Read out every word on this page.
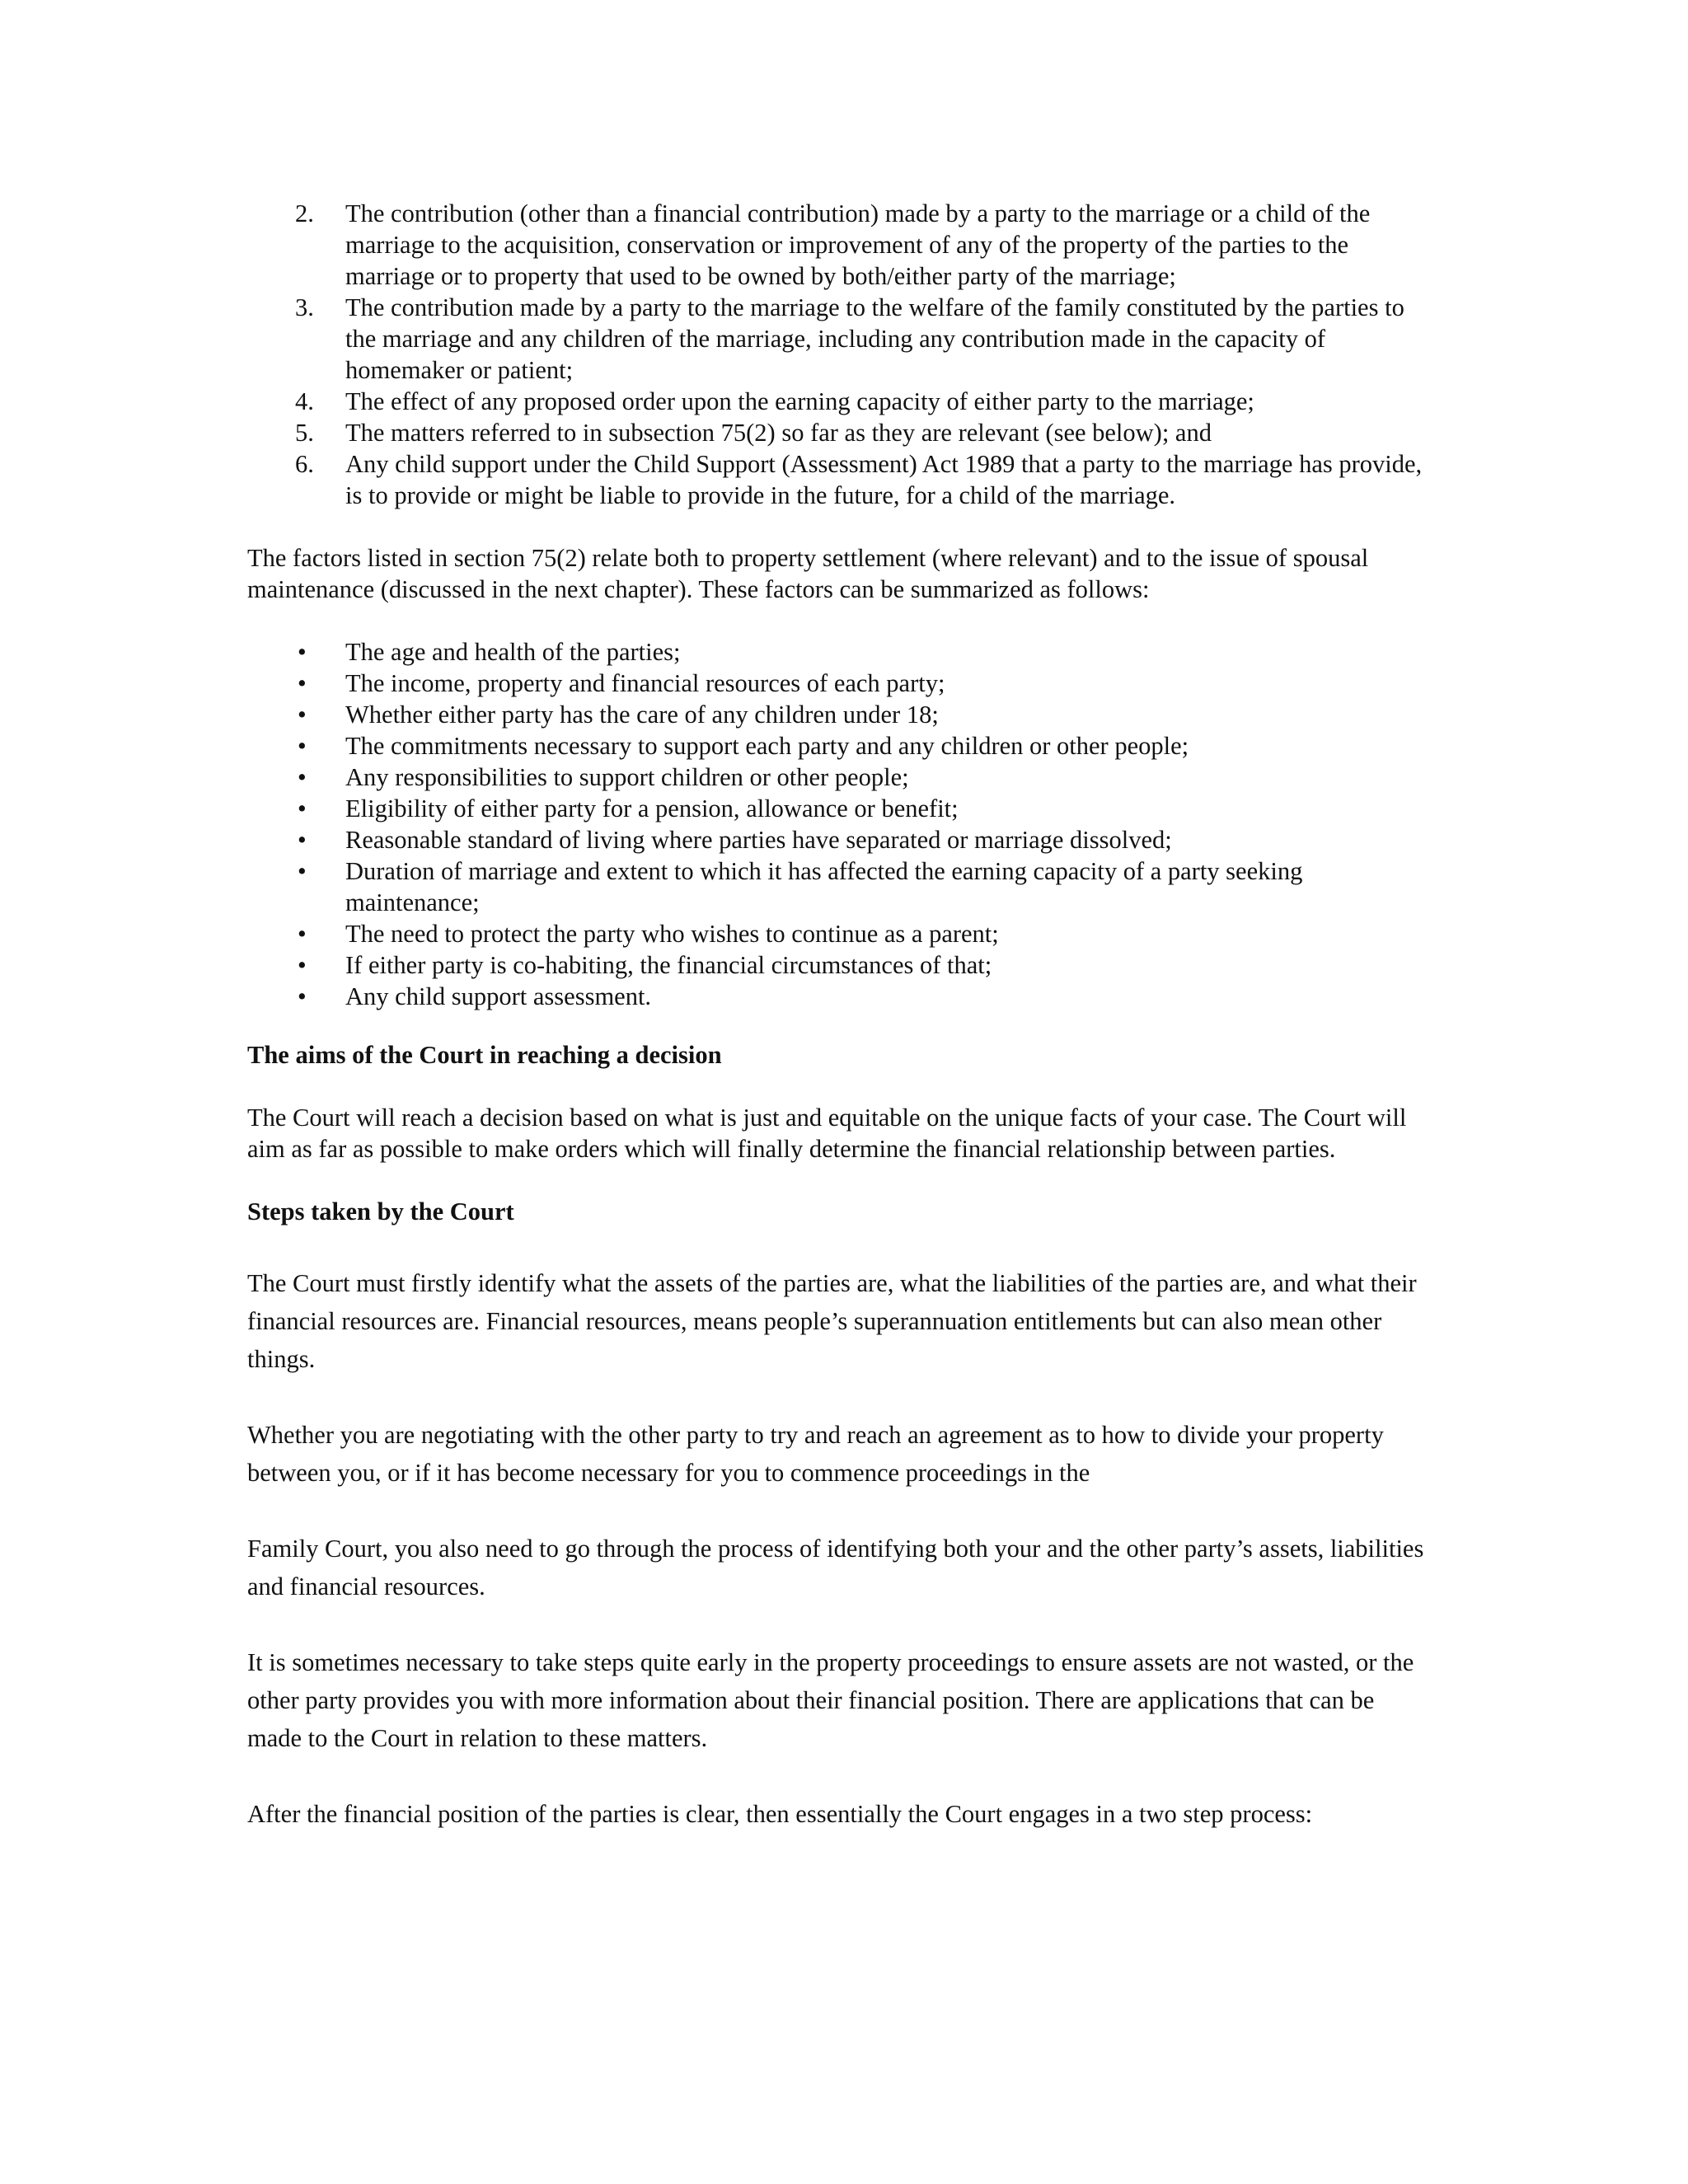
2. The contribution (other than a financial contribution) made by a party to the marriage or a child of the marriage to the acquisition, conservation or improvement of any of the property of the parties to the marriage or to property that used to be owned by both/either party of the marriage;
3. The contribution made by a party to the marriage to the welfare of the family constituted by the parties to the marriage and any children of the marriage, including any contribution made in the capacity of homemaker or patient;
4. The effect of any proposed order upon the earning capacity of either party to the marriage;
5. The matters referred to in subsection 75(2) so far as they are relevant (see below); and
6. Any child support under the Child Support (Assessment) Act 1989 that a party to the marriage has provide, is to provide or might be liable to provide in the future, for a child of the marriage.

The factors listed in section 75(2) relate both to property settlement (where relevant) and to the issue of spousal maintenance (discussed in the next chapter). These factors can be summarized as follows:

• The age and health of the parties;
• The income, property and financial resources of each party;
• Whether either party has the care of any children under 18;
• The commitments necessary to support each party and any children or other people;
• Any responsibilities to support children or other people;
• Eligibility of either party for a pension, allowance or benefit;
• Reasonable standard of living where parties have separated or marriage dissolved;
• Duration of marriage and extent to which it has affected the earning capacity of a party seeking maintenance;
• The need to protect the party who wishes to continue as a parent;
• If either party is co-habiting, the financial circumstances of that;
• Any child support assessment.
The aims of the Court in reaching a decision

The Court will reach a decision based on what is just and equitable on the unique facts of your case. The Court will aim as far as possible to make orders which will finally determine the financial relationship between parties.

Steps taken by the Court

The Court must firstly identify what the assets of the parties are, what the liabilities of the parties are, and what their financial resources are. Financial resources, means people’s superannuation entitlements but can also mean other things.

Whether you are negotiating with the other party to try and reach an agreement as to how to divide your property between you, or if it has become necessary for you to commence proceedings in the

Family Court, you also need to go through the process of identifying both your and the other party’s assets, liabilities and financial resources.

It is sometimes necessary to take steps quite early in the property proceedings to ensure assets are not wasted, or the other party provides you with more information about their financial position. There are applications that can be made to the Court in relation to these matters.

After the financial position of the parties is clear, then essentially the Court engages in a two step process:
